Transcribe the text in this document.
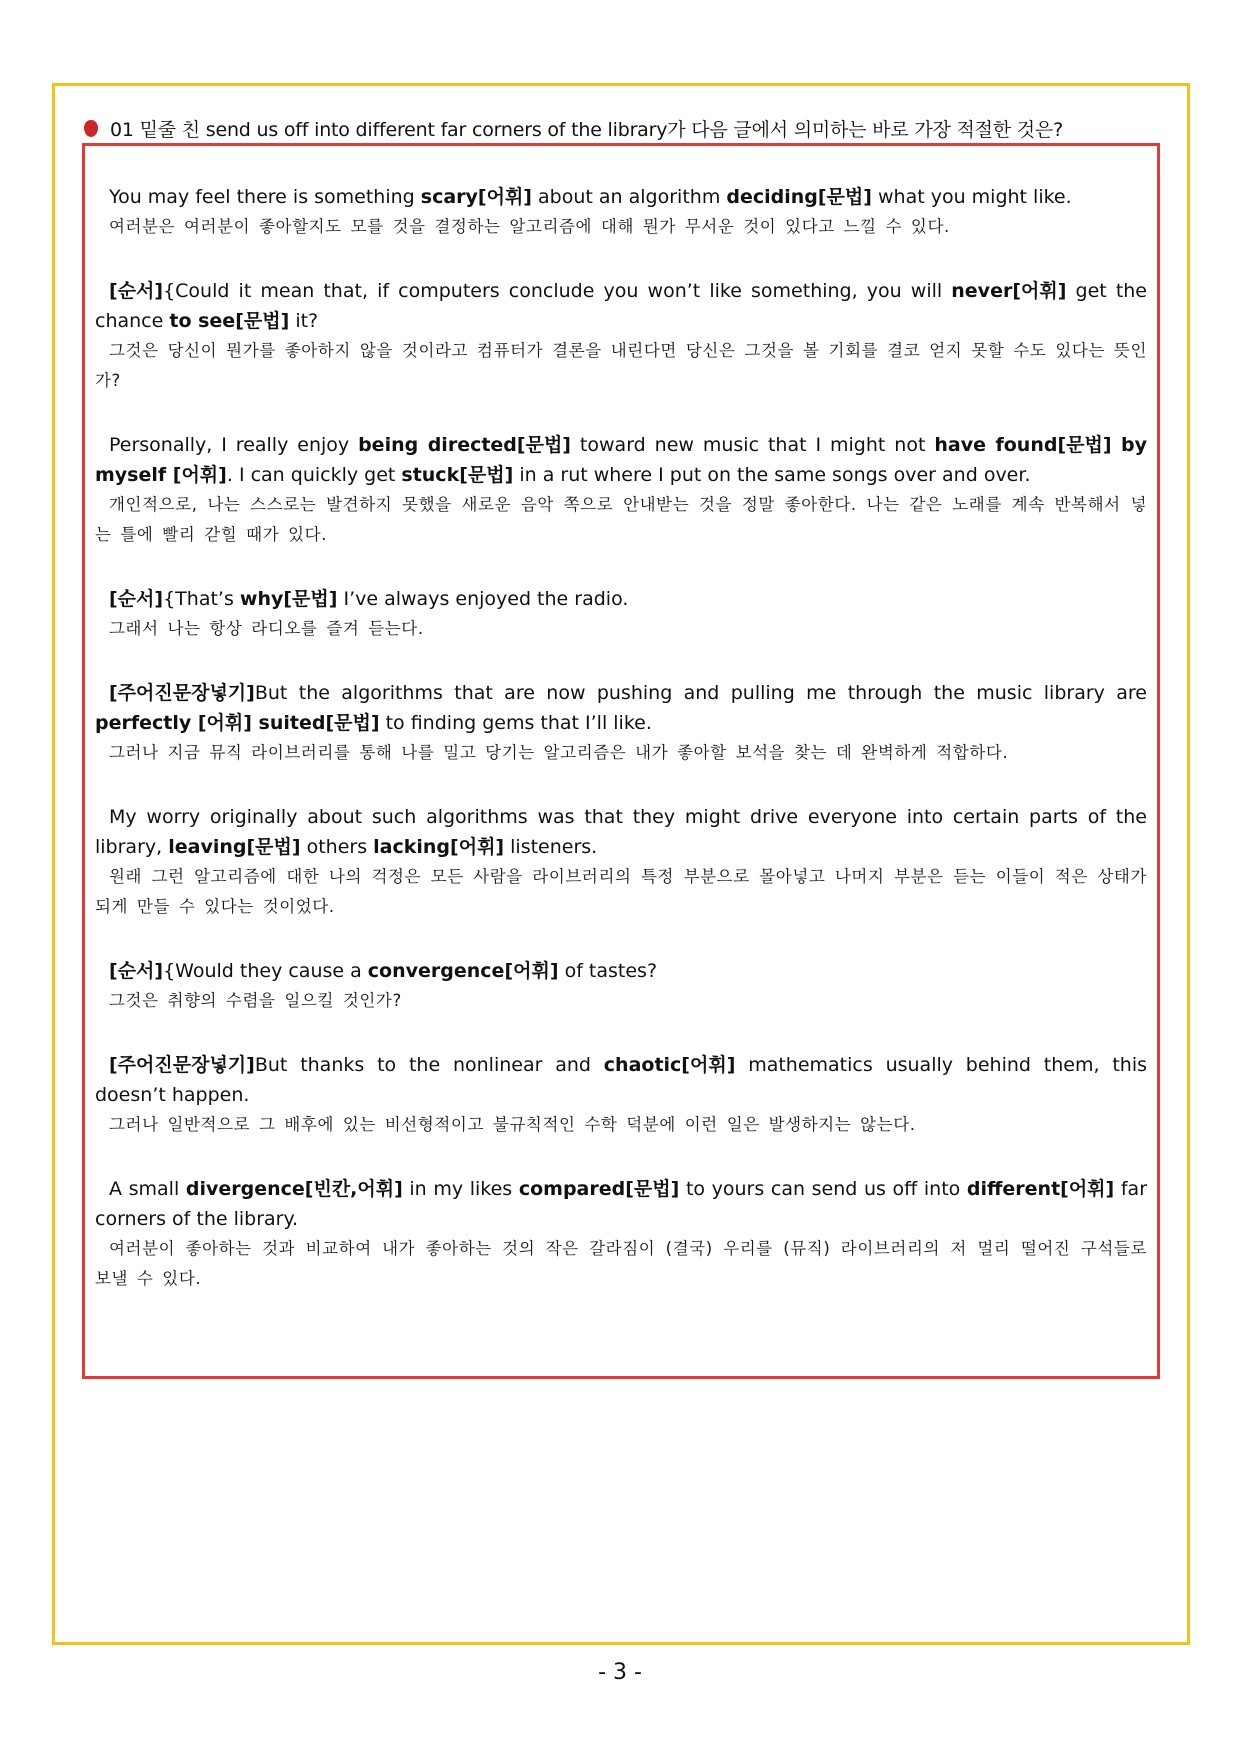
01 밑줄 친 send us off into different far corners of the library가 다음 글에서 의미하는 바로 가장 적절한 것은?

You may feel there is something scary[어휘] about an algorithm deciding[문법] what you might like.

여러분은 여러분이 좋아할지도 모를 것을 결정하는 알고리즘에 대해 뭔가 무서운 것이 있다고 느낄 수 있다.

[순서]{Could it mean that, if computers conclude you won’t like something, you will never[어휘] get the chance to see[문법] it?

그것은 당신이 뭔가를 좋아하지 않을 것이라고 컴퓨터가 결론을 내린다면 당신은 그것을 볼 기회를 결코 얻지 못할 수도 있다는 뜻인가?

Personally, I really enjoy being directed[문법] toward new music that I might not have found[문법] by myself [어휘]. I can quickly get stuck[문법] in a rut where I put on the same songs over and over.

개인적으로, 나는 스스로는 발견하지 못했을 새로운 음악 쪽으로 안내받는 것을 정말 좋아한다. 나는 같은 노래를 계속 반복해서 넣는 틀에 빨리 갇힐 때가 있다.

[순서]{That’s why[문법] I’ve always enjoyed the radio.

그래서 나는 항상 라디오를 즐겨 듣는다.

[주어진문장넣기]But the algorithms that are now pushing and pulling me through the music library are perfectly [어휘] suited[문법] to finding gems that I’ll like.

그러나 지금 뮤직 라이브러리를 통해 나를 밀고 당기는 알고리즘은 내가 좋아할 보석을 찾는 데 완벽하게 적합하다.

My worry originally about such algorithms was that they might drive everyone into certain parts of the library, leaving[문법] others lacking[어휘] listeners.

원래 그런 알고리즘에 대한 나의 걱정은 모든 사람을 라이브러리의 특정 부분으로 몰아넣고 나머지 부분은 듣는 이들이 적은 상태가 되게 만들 수 있다는 것이었다.

[순서]{Would they cause a convergence[어휘] of tastes?

그것은 취향의 수렴을 일으킬 것인가?

[주어진문장넣기]But thanks to the nonlinear and chaotic[어휘] mathematics usually behind them, this doesn’t happen.

그러나 일반적으로 그 배후에 있는 비선형적이고 불규칙적인 수학 덕분에 이런 일은 발생하지는 않는다.

A small divergence[빈칸,어휘] in my likes compared[문법] to yours can send us off into different[어휘] far corners of the library.

여러분이 좋아하는 것과 비교하여 내가 좋아하는 것의 작은 갈라짐이 (결국) 우리를 (뮤직) 라이브러리의 저 멀리 떨어진 구석들로 보낼 수 있다.

- 3 -
